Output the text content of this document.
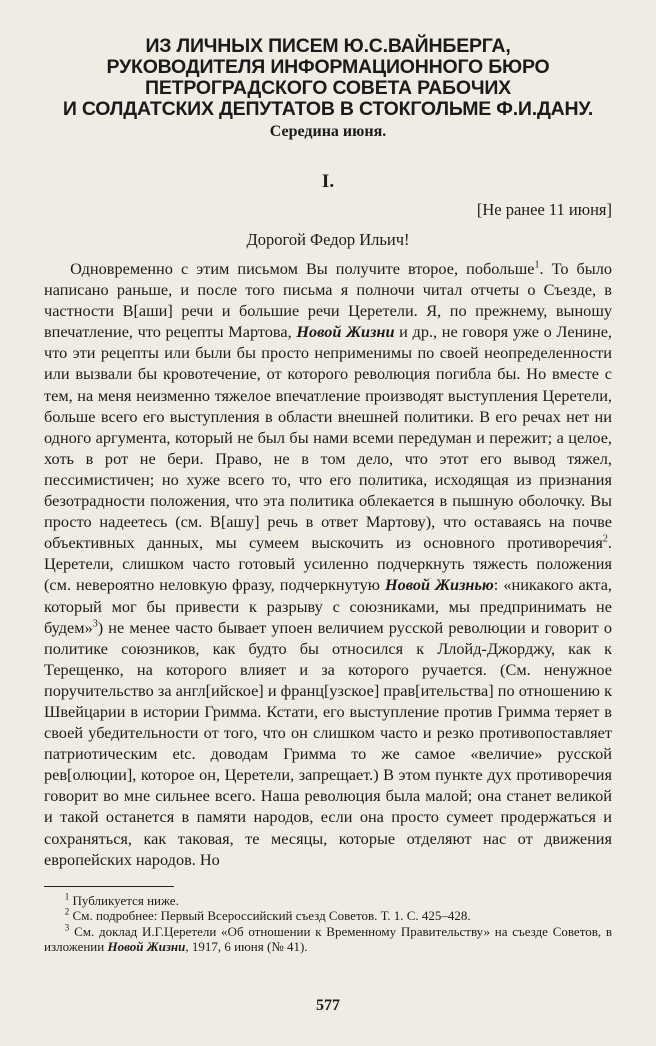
ИЗ ЛИЧНЫХ ПИСЕМ Ю.С.ВАЙНБЕРГА,
РУКОВОДИТЕЛЯ ИНФОРМАЦИОННОГО БЮРО
ПЕТРОГРАДСКОГО СОВЕТА РАБОЧИХ
И СОЛДАТСКИХ ДЕПУТАТОВ В СТОКГОЛЬМЕ Ф.И.ДАНУ.
Середина июня.
I.
[Не ранее 11 июня]
Дорогой Федор Ильич!

Одновременно с этим письмом Вы получите второе, побольше$^1$. То было написано раньше, и после того письма я полночи читал отчеты о Съезде, в частности В[аши] речи и большие речи Церетели. Я, по прежнему, выношу впечатление, что рецепты Мартова, Новой Жизни и др., не говоря уже о Ленине, что эти рецепты или были бы просто неприменимы по своей неопределенности или вызвали бы кровотечение, от которого революция погибла бы. Но вместе с тем, на меня неизменно тяжелое впечатление производят выступления Церетели, больше всего его выступления в области внешней политики. В его речах нет ни одного аргумента, который не был бы нами всеми передуман и пережит; а целое, хоть в рот не бери. Право, не в том дело, что этот его вывод тяжел, пессимистичен; но хуже всего то, что его политика, исходящая из признания безотрадности положения, что эта политика облекается в пышную оболочку. Вы просто надеетесь (см. В[ашу] речь в ответ Мартову), что оставаясь на почве объективных данных, мы сумеем выскочить из основного противоречия$^2$. Церетели, слишком часто готовый усиленно подчеркнуть тяжесть положения (см. невероятно неловкую фразу, подчеркнутую Новой Жизнью: «никакого акта, который мог бы привести к разрыву с союзниками, мы предпринимать не будем»$^3$) не менее часто бывает упоен величием русской революции и говорит о политике союзников, как будто бы относился к Ллойд-Джорджу, как к Терещенко, на которого влияет и за которого ручается. (См. ненужное поручительство за англ[ийское] и франц[узское] прав[ительства] по отношению к Швейцарии в истории Гримма. Кстати, его выступление против Гримма теряет в своей убедительности от того, что он слишком часто и резко противопоставляет патриотическим etc. доводам Гримма то же самое «величие» русской рев[олюции], которое он, Церетели, запрещает.) В этом пункте дух противоречия говорит во мне сильнее всего. Наша революция была малой; она станет великой и такой останется в памяти народов, если она просто сумеет продержаться и сохраняться, как таковая, те месяцы, которые отделяют нас от движения европейских народов. Но

$^1$ Публикуется ниже.

$^2$ См. подробнее: Первый Всероссийский съезд Советов. Т. 1. С. 425–428.

$^3$ См. доклад И.Г.Церетели «Об отношении к Временному Правительству» на съезде Советов, в изложении Новой Жизни, 1917, 6 июня (№ 41).

577
